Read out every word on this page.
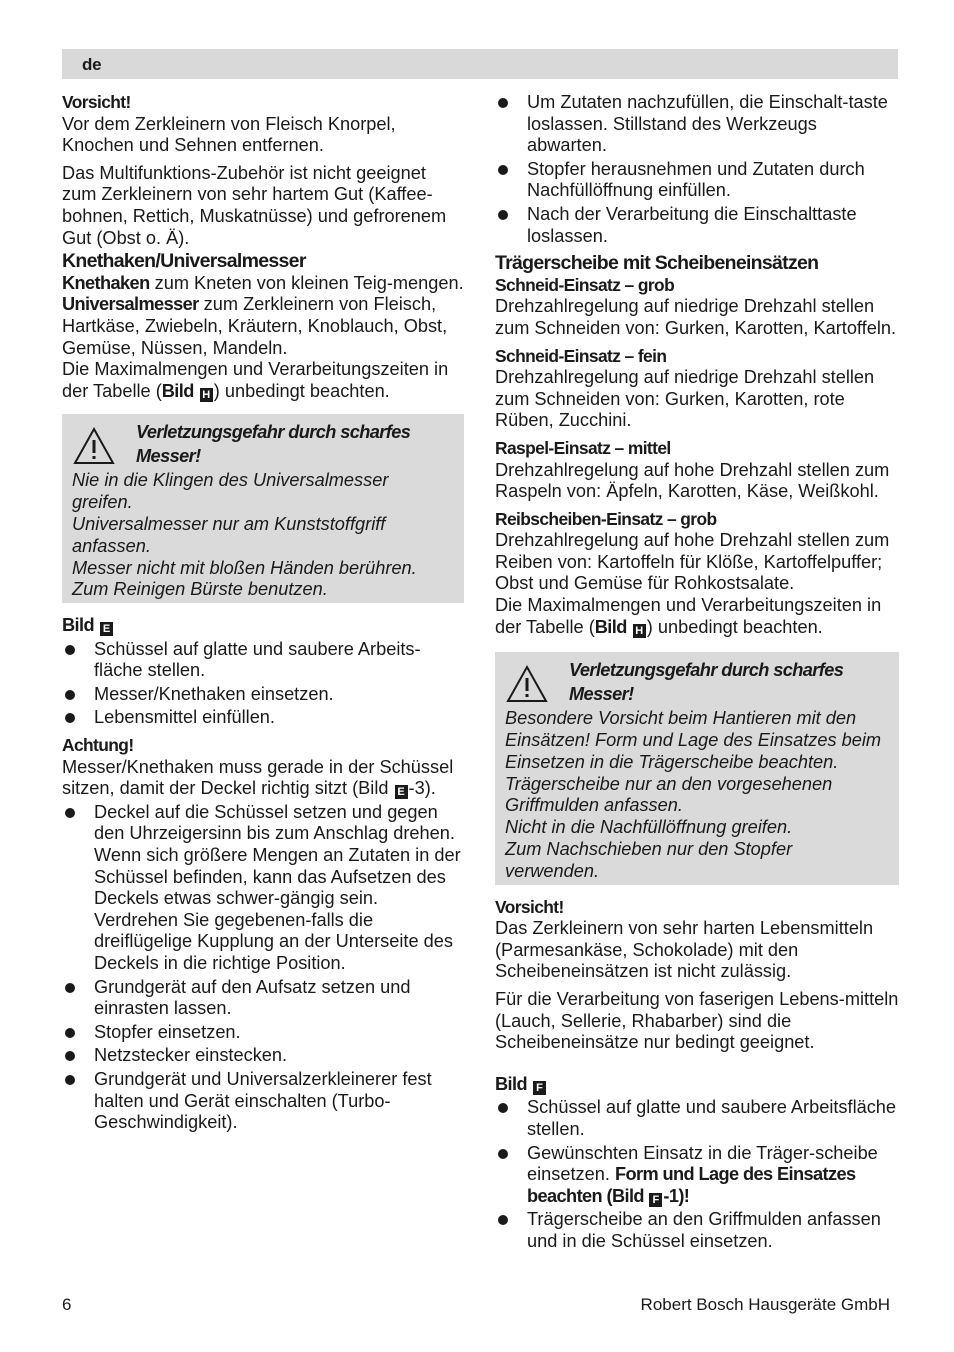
de

Vorsicht!

Vor dem Zerkleinern von Fleisch Knorpel, Knochen und Sehnen entfernen.

Das Multifunktions-Zubehör ist nicht geeignet zum Zerkleinern von sehr hartem Gut (Kaffee-bohnen, Rettich, Muskatnüsse) und gefrorenem Gut (Obst o. Ä).

Knethaken/Universalmesser

Knethaken zum Kneten von kleinen Teig-mengen.

Universalmesser zum Zerkleinern von Fleisch, Hartkäse, Zwiebeln, Kräutern, Knoblauch, Obst, Gemüse, Nüssen, Mandeln.

Die Maximalmengen und Verarbeitungszeiten in der Tabelle (Bild H ) unbedingt beachten.

Verletzungsgefahr durch scharfes Messer!

Nie in die Klingen des Universalmesser greifen.

Universalmesser nur am Kunststoffgriff anfassen.

Messer nicht mit bloßen Händen berühren. Zum Reinigen Bürste benutzen.

Bild E

Schüssel auf glatte und saubere Arbeits-fläche stellen.
Messer/Knethaken einsetzen.
Lebensmittel einfüllen.

Achtung!

Messer/Knethaken muss gerade in der Schüssel sitzen, damit der Deckel richtig sitzt (Bild E -3).

Deckel auf die Schüssel setzen und gegen den Uhrzeigersinn bis zum Anschlag drehen.
Wenn sich größere Mengen an Zutaten in der Schüssel befinden, kann das Aufsetzen des Deckels etwas schwer-gängig sein. Verdrehen Sie gegebenen-falls die dreiflügelige Kupplung an der Unterseite des Deckels in die richtige Position.
Grundgerät auf den Aufsatz setzen und einrasten lassen.
Stopfer einsetzen.
Netzstecker einstecken.
Grundgerät und Universalzerkleinerer fest halten und Gerät einschalten (Turbo-Geschwindigkeit).
Um Zutaten nachzufüllen, die Einschalt-taste loslassen. Stillstand des Werkzeugs abwarten.
Stopfer herausnehmen und Zutaten durch Nachfüllöffnung einfüllen.
Nach der Verarbeitung die Einschalttaste loslassen.

Trägerscheibe mit Scheibeneinsätzen

Schneid-Einsatz – grob

Drehzahlregelung auf niedrige Drehzahl stellen zum Schneiden von: Gurken, Karotten, Kartoffeln.

Schneid-Einsatz – fein

Drehzahlregelung auf niedrige Drehzahl stellen zum Schneiden von: Gurken, Karotten, rote Rüben, Zucchini.

Raspel-Einsatz – mittel

Drehzahlregelung auf hohe Drehzahl stellen zum Raspeln von: Äpfeln, Karotten, Käse, Weißkohl.

Reibscheiben-Einsatz – grob

Drehzahlregelung auf hohe Drehzahl stellen zum Reiben von: Kartoffeln für Klöße, Kartoffelpuffer; Obst und Gemüse für Rohkostsalate.

Die Maximalmengen und Verarbeitungszeiten in der Tabelle (Bild H ) unbedingt beachten.

Verletzungsgefahr durch scharfes Messer!

Besondere Vorsicht beim Hantieren mit den Einsätzen! Form und Lage des Einsatzes beim Einsetzen in die Trägerscheibe beachten. Trägerscheibe nur an den vorgesehenen Griffmulden anfassen.

Nicht in die Nachfüllöffnung greifen.

Zum Nachschieben nur den Stopfer verwenden.

Vorsicht!

Das Zerkleinern von sehr harten Lebensmitteln (Parmesankäse, Schokolade) mit den Scheibeneinsätzen ist nicht zulässig.

Für die Verarbeitung von faserigen Lebens-mitteln (Lauch, Sellerie, Rhabarber) sind die Scheibeneinsätze nur bedingt geeignet.

Bild F

Schüssel auf glatte und saubere Arbeitsfläche stellen.
Gewünschten Einsatz in die Träger-scheibe einsetzen. Form und Lage des Einsatzes beachten (Bild F -1)!
Trägerscheibe an den Griffmulden anfassen und in die Schüssel einsetzen.
6	Robert Bosch Hausgeräte GmbH
